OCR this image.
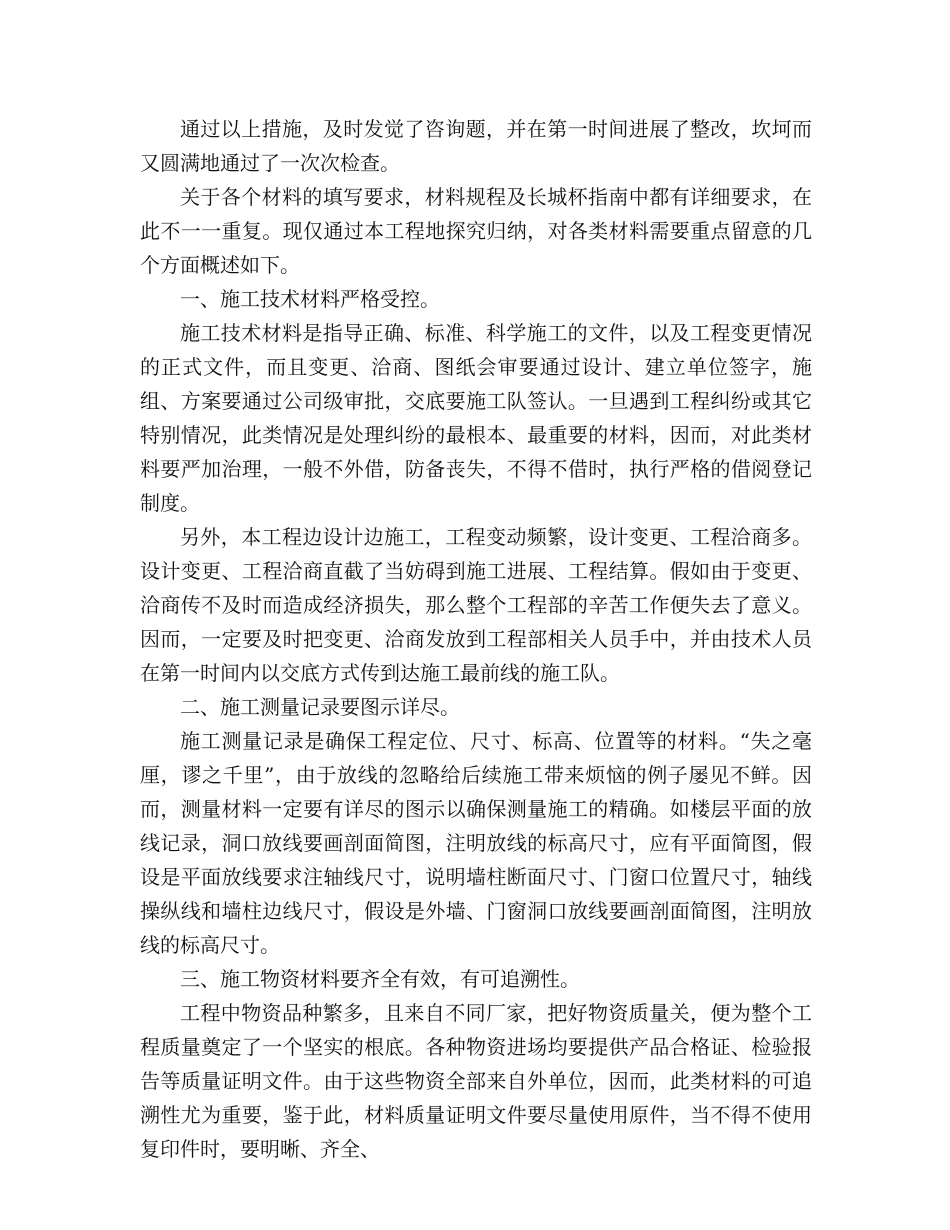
通过以上措施，及时发觉了咨询题，并在第一时间进展了整改，坎坷而又圆满地通过了一次次检查。

关于各个材料的填写要求，材料规程及长城杯指南中都有详细要求，在此不一一重复。现仅通过本工程地探究归纳，对各类材料需要重点留意的几个方面概述如下。

一、施工技术材料严格受控。

施工技术材料是指导正确、标准、科学施工的文件，以及工程变更情况的正式文件，而且变更、洽商、图纸会审要通过设计、建立单位签字，施组、方案要通过公司级审批，交底要施工队签认。一旦遇到工程纠纷或其它特别情况，此类情况是处理纠纷的最根本、最重要的材料，因而，对此类材料要严加治理，一般不外借，防备丧失，不得不借时，执行严格的借阅登记制度。

另外，本工程边设计边施工，工程变动频繁，设计变更、工程洽商多。设计变更、工程洽商直截了当妨碍到施工进展、工程结算。假如由于变更、洽商传不及时而造成经济损失，那么整个工程部的辛苦工作便失去了意义。因而，一定要及时把变更、洽商发放到工程部相关人员手中，并由技术人员在第一时间内以交底方式传到达施工最前线的施工队。

二、施工测量记录要图示详尽。

施工测量记录是确保工程定位、尺寸、标高、位置等的材料。“失之毫厘，谬之千里”，由于放线的忽略给后续施工带来烦恼的例子屡见不鲜。因而，测量材料一定要有详尽的图示以确保测量施工的精确。如楼层平面的放线记录，洞口放线要画剖面简图，注明放线的标高尺寸，应有平面简图，假设是平面放线要求注轴线尺寸，说明墙柱断面尺寸、门窗口位置尺寸，轴线操纵线和墙柱边线尺寸，假设是外墙、门窗洞口放线要画剖面简图，注明放线的标高尺寸。

三、施工物资材料要齐全有效，有可追溯性。

工程中物资品种繁多，且来自不同厂家，把好物资质量关，便为整个工程质量奠定了一个坚实的根底。各种物资进场均要提供产品合格证、检验报告等质量证明文件。由于这些物资全部来自外单位，因而，此类材料的可追溯性尤为重要，鉴于此，材料质量证明文件要尽量使用原件，当不得不使用复印件时，要明晰、齐全、
